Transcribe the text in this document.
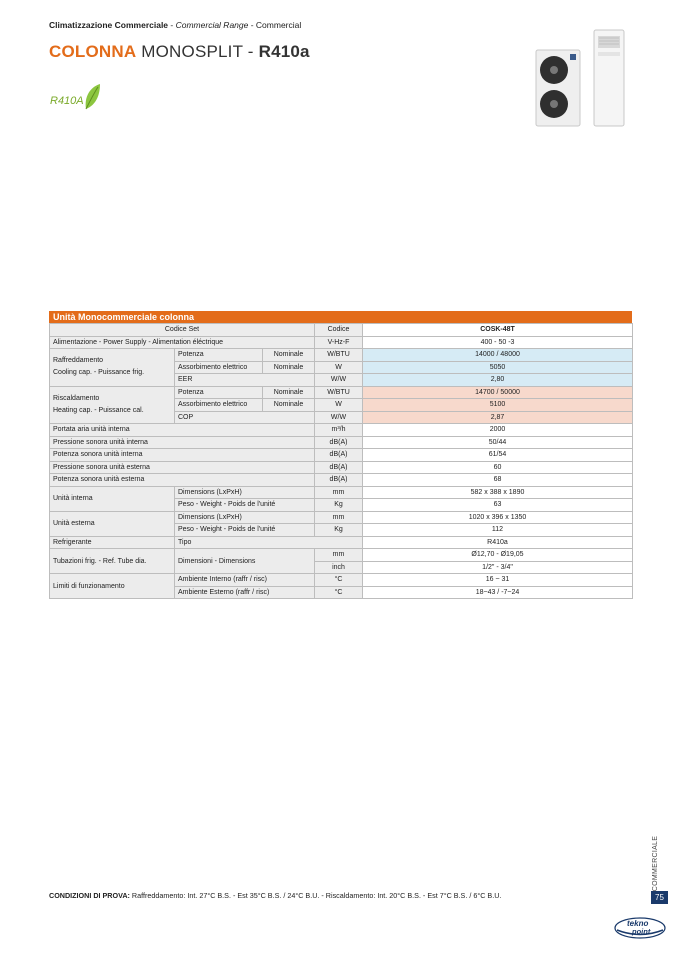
Climatizzazione Commerciale - Commercial Range - Commercial
COLONNA MONOSPLIT - R410a
R410A
Unità Monocommerciale colonna
Codice Set			Codice	COSK-48T
Alimentazione - Power Supply - Alimentation éléctrique			V-Hz-F	400 - 50 -3
Raffreddamento
Cooling cap. - Puissance frig.	Potenza	Nominale	W/BTU	14000 / 48000
	Assorbimento elettrico	Nominale	W	5050
	EER		W/W	2,80
Riscaldamento
Heating cap. - Puissance cal.	Potenza	Nominale	W/BTU	14700 / 50000
	Assorbimento elettrico	Nominale	W	5100
	COP		W/W	2,87
Portata aria unità interna			m³/h	2000
Pressione sonora unità interna			dB(A)	50/44
Potenza sonora unità interna			dB(A)	61/54
Pressione sonora unità esterna			dB(A)	60
Potenza sonora unità esterna			dB(A)	68
Unità interna	Dimensions (LxPxH)		mm	582 x 388 x 1890
	Peso - Weight - Poids de l'unité		Kg	63
Unità esterna	Dimensions (LxPxH)		mm	1020 x 396 x 1350
	Peso - Weight - Poids de l'unité		Kg	112
Refrigerante	Tipo			R410a
Tubazioni frig. - Ref. Tube dia.	Dimensioni - Dimensions		mm	Ø12,70 - Ø19,05
			inch	1/2" - 3/4"
Limiti di funzionamento	Ambiente Interno (raffr / risc)		°C	16 ~ 31
	Ambiente Esterno (raffr / risc)		°C	18~43 / -7~24
CONDIZIONI DI PROVA: Raffreddamento: Int. 27°C B.S. - Est 35°C B.S. / 24°C B.U. - Riscaldamento: Int. 20°C B.S. - Est 7°C B.S. / 6°C B.U.
COMMERCIALE
75
tekno
point
